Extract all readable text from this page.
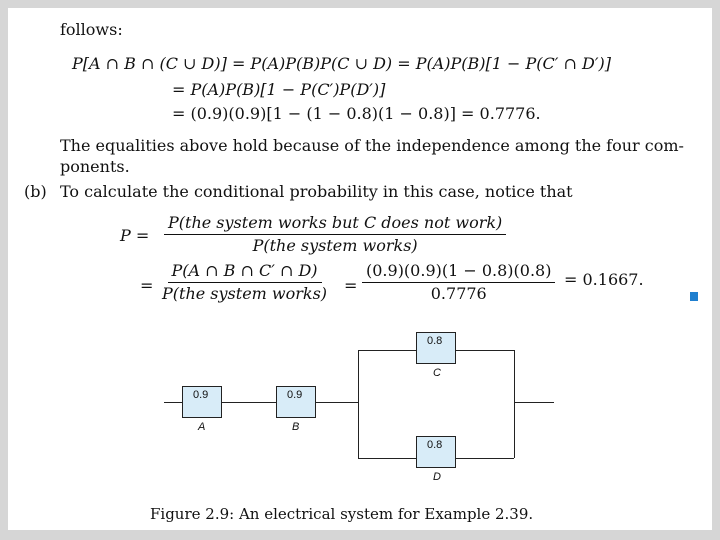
follows:
P[A ∩ B ∩ (C ∪ D)] = P(A)P(B)P(C ∪ D) = P(A)P(B)[1 − P(C′ ∩ D′)]
= P(A)P(B)[1 − P(C′)P(D′)]
= (0.9)(0.9)[1 − (1 − 0.8)(1 − 0.8)] = 0.7776.
The equalities above hold because of the independence among the four com-
ponents.
(b) To calculate the conditional probability in this case, notice that
P =
P(the system works but C does not work)
P(the system works)
=
P(A ∩ B ∩ C′ ∩ D)
P(the system works) = $\frac{(0.9)(0.9)(1 - 0.8)(0.8)}{0.7776} = 0.1667$.
0.9
A
0.9
B
0.8
C
0.8
D
Figure 2.9: An electrical system for Example 2.39.
